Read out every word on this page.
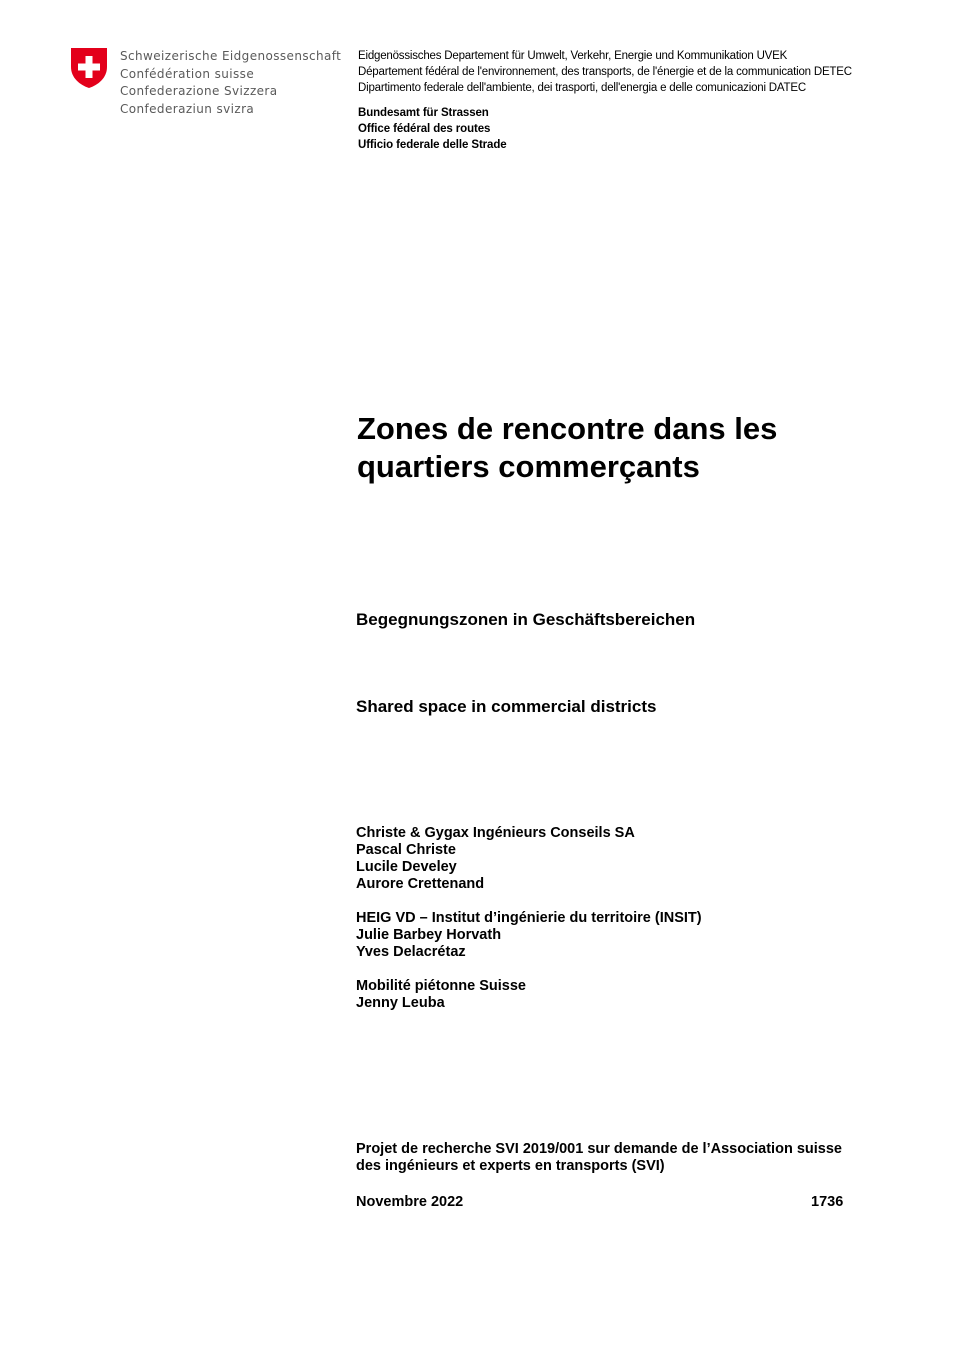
Schweizerische Eidgenossenschaft
Confédération suisse
Confederazione Svizzera
Confederaziun svizra
Eidgenössisches Departement für Umwelt, Verkehr, Energie und Kommunikation UVEK
Département fédéral de l'environnement, des transports, de l'énergie et de la communication DETEC
Dipartimento federale dell'ambiente, dei trasporti, dell'energia e delle comunicazioni DATEC
Bundesamt für Strassen
Office fédéral des routes
Ufficio federale delle Strade
Zones de rencontre dans les
quartiers commerçants
Begegnungszonen in Geschäftsbereichen
Shared space in commercial districts
Christe & Gygax Ingénieurs Conseils SA
Pascal Christe
Lucile Develey
Aurore Crettenand
HEIG VD – Institut d’ingénierie du territoire (INSIT)
Julie Barbey Horvath
Yves Delacrétaz
Mobilité piétonne Suisse
Jenny Leuba
Projet de recherche SVI 2019/001 sur demande de l’Association suisse
des ingénieurs et experts en transports (SVI)
Novembre 2022	1736
